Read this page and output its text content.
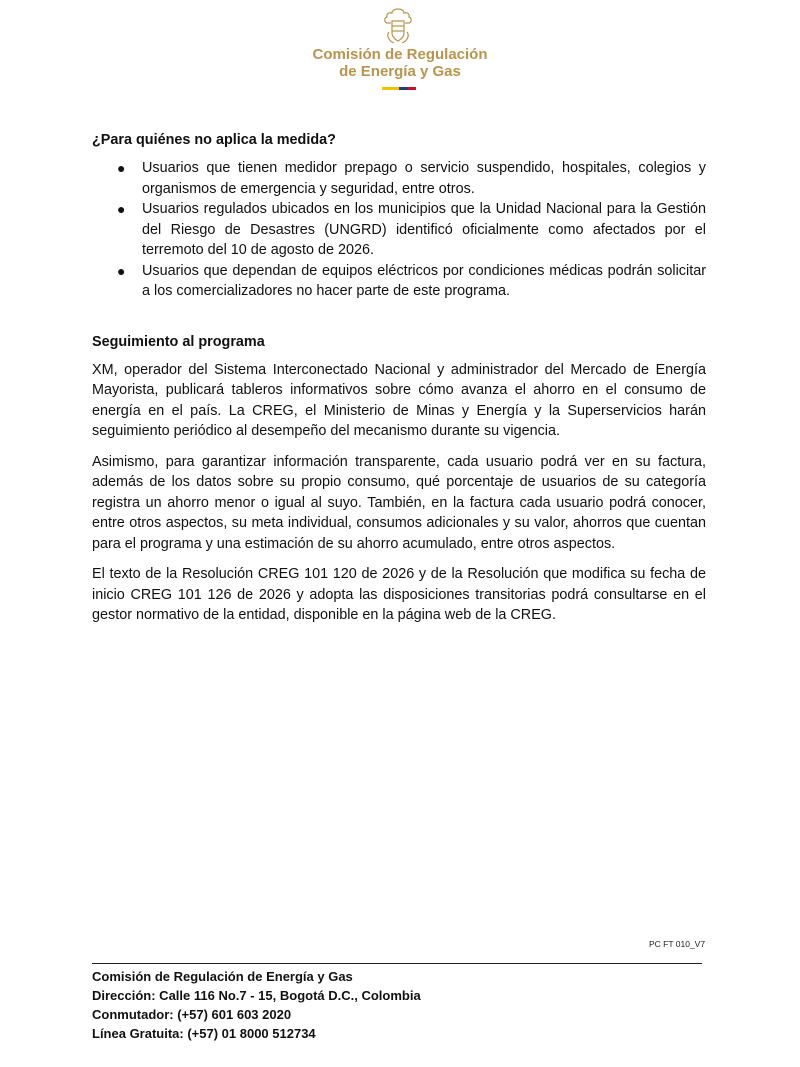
Comisión de Regulación
de Energía y Gas
¿Para quiénes no aplica la medida?
● Usuarios que tienen medidor prepago o servicio suspendido, hospitales, colegios y organismos de emergencia y seguridad, entre otros.
● Usuarios regulados ubicados en los municipios que la Unidad Nacional para la Gestión del Riesgo de Desastres (UNGRD) identificó oficialmente como afectados por el terremoto del 10 de agosto de 2026.
● Usuarios que dependan de equipos eléctricos por condiciones médicas podrán solicitar a los comercializadores no hacer parte de este programa.
Seguimiento al programa

XM, operador del Sistema Interconectado Nacional y administrador del Mercado de Energía Mayorista, publicará tableros informativos sobre cómo avanza el ahorro en el consumo de energía en el país. La CREG, el Ministerio de Minas y Energía y la Superservicios harán seguimiento periódico al desempeño del mecanismo durante su vigencia.

Asimismo, para garantizar información transparente, cada usuario podrá ver en su factura, además de los datos sobre su propio consumo, qué porcentaje de usuarios de su categoría registra un ahorro menor o igual al suyo. También, en la factura cada usuario podrá conocer, entre otros aspectos, su meta individual, consumos adicionales y su valor, ahorros que cuentan para el programa y una estimación de su ahorro acumulado, entre otros aspectos.

El texto de la Resolución CREG 101 120 de 2026 y de la Resolución que modifica su fecha de inicio CREG 101 126 de 2026 y adopta las disposiciones transitorias podrá consultarse en el gestor normativo de la entidad, disponible en la página web de la CREG.

PC FT 010_V7
Comisión de Regulación de Energía y Gas
Dirección: Calle 116 No.7 - 15, Bogotá D.C., Colombia
Conmutador: (+57) 601 603 2020
Línea Gratuita: (+57) 01 8000 512734
